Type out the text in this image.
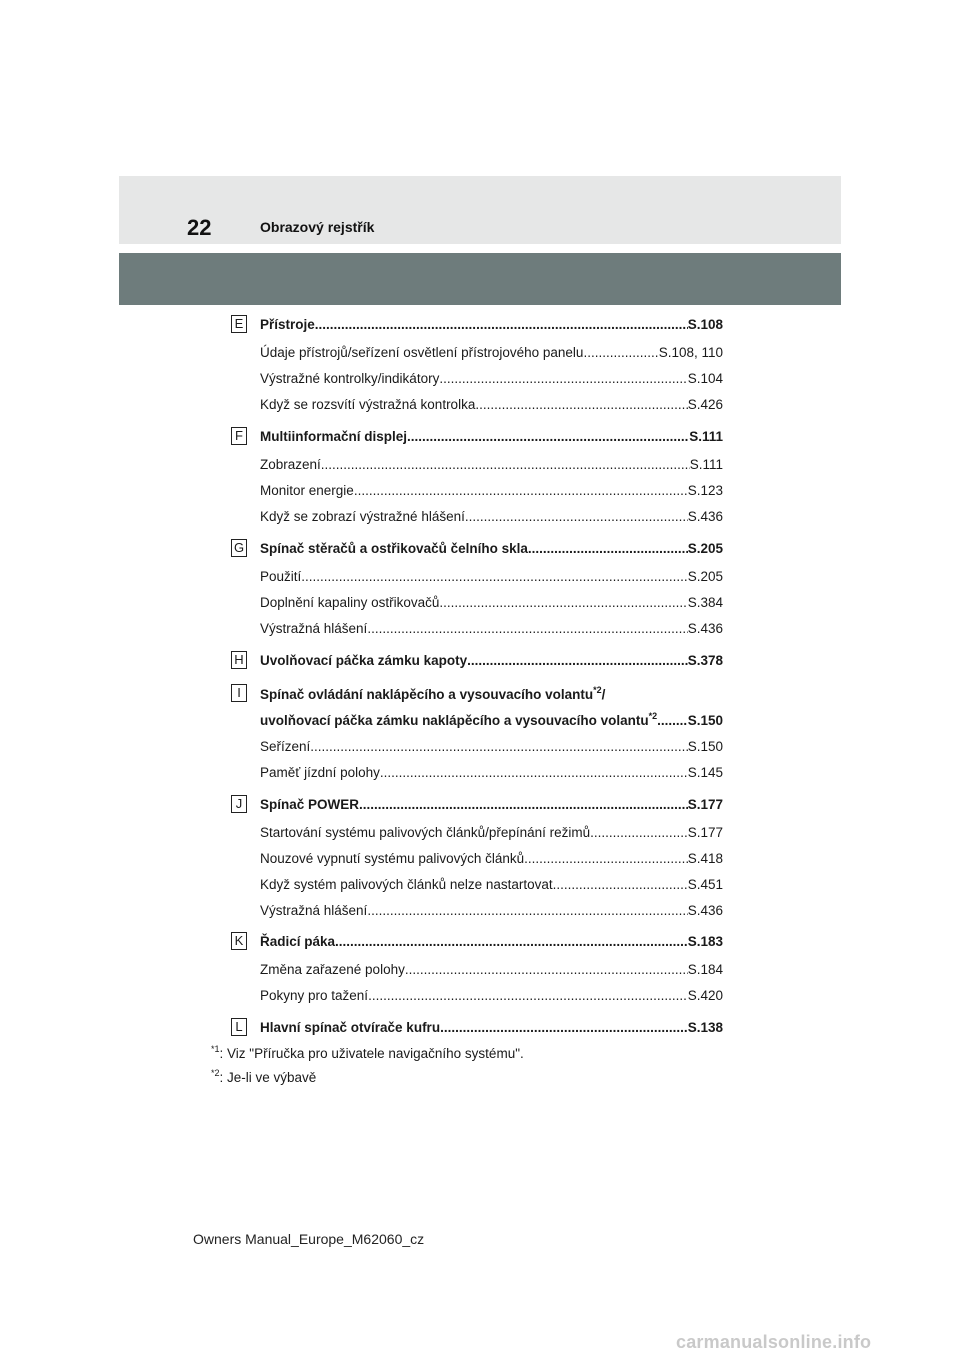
22	Obrazový rejstřík
E Přístroje .....	S.108
Údaje přístrojů/seřízení osvětlení přístrojového panelu .....	S.108, 110
Výstražné kontrolky/indikátory .....	S.104
Když se rozsvítí výstražná kontrolka .....	S.426
F Multiinformační displej .....	S.111
Zobrazení .....	S.111
Monitor energie .....	S.123
Když se zobrazí výstražné hlášení .....	S.436
G Spínač stěračů a ostřikovačů čelního skla .....	S.205
Použití .....	S.205
Doplnění kapaliny ostřikovačů .....	S.384
Výstražná hlášení .....	S.436
H Uvolňovací páčka zámku kapoty .....	S.378
I	Spínač ovládání naklápěcího a vysouvacího volantu$^{*2}$/
uvolňovací páčka zámku naklápěcího a vysouvacího volantu$^{*2}$ ..... S.150
Seřízení .....	S.150
Paměť jízdní polohy .....	S.145
J	Spínač POWER .....	S.177
Startování systému palivových článků/přepínání režimů .....	S.177
Nouzové vypnutí systému palivových článků .....	S.418
Když systém palivových článků nelze nastartovat .....	S.451
Výstražná hlášení .....	S.436
K Řadicí páka .....	S.183
Změna zařazené polohy .....	S.184
Pokyny pro tažení .....	S.420
L	Hlavní spínač otvírače kufru .....	S.138
$^{*1}$: Viz "Příručka pro uživatele navigačního systému".
$^{*2}$: Je-li ve výbavě
Owners Manual_Europe_M62060_cz
carmanualsonline.info
